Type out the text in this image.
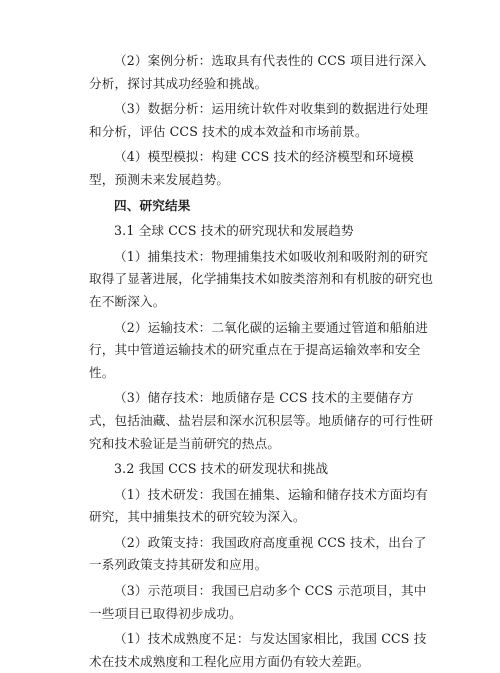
（2）案例分析：选取具有代表性的 CCS 项目进行深入分析，探讨其成功经验和挑战。

（3）数据分析：运用统计软件对收集到的数据进行处理和分析，评估 CCS 技术的成本效益和市场前景。

（4）模型模拟：构建 CCS 技术的经济模型和环境模型，预测未来发展趋势。

四、研究结果

3.1 全球 CCS 技术的研究现状和发展趋势

（1）捕集技术：物理捕集技术如吸收剂和吸附剂的研究取得了显著进展，化学捕集技术如胺类溶剂和有机胺的研究也在不断深入。

（2）运输技术：二氧化碳的运输主要通过管道和船舶进行，其中管道运输技术的研究重点在于提高运输效率和安全性。

（3）储存技术：地质储存是 CCS 技术的主要储存方式，包括油藏、盐岩层和深水沉积层等。地质储存的可行性研究和技术验证是当前研究的热点。

3.2 我国 CCS 技术的研发现状和挑战

（1）技术研发：我国在捕集、运输和储存技术方面均有研究，其中捕集技术的研究较为深入。

（2）政策支持：我国政府高度重视 CCS 技术，出台了一系列政策支持其研发和应用。

（3）示范项目：我国已启动多个 CCS 示范项目，其中一些项目已取得初步成功。

（1）技术成熟度不足：与发达国家相比，我国 CCS 技术在技术成熟度和工程化应用方面仍有较大差距。
